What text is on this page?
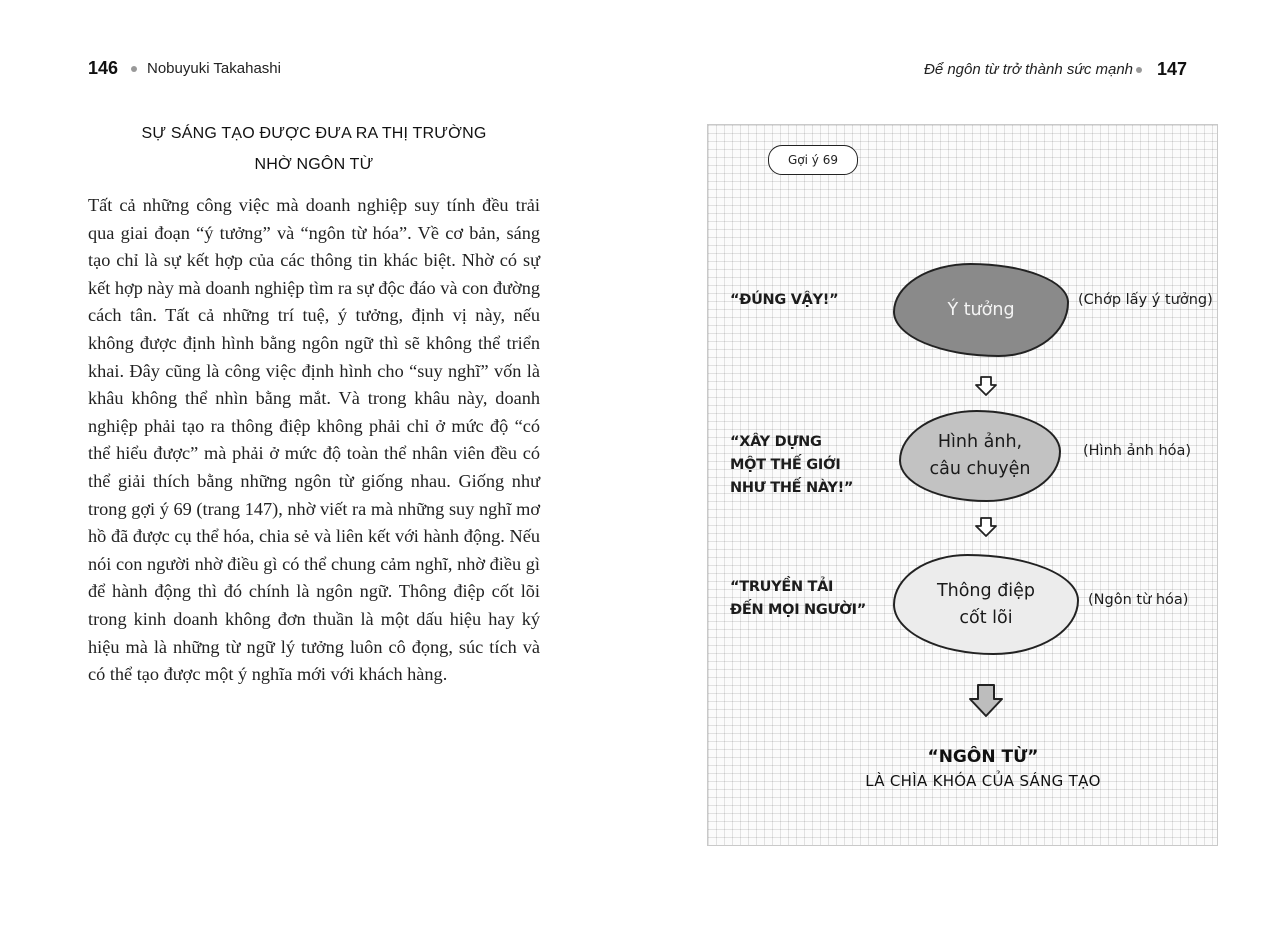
146 Nobuyuki Takahashi	Để ngôn từ trở thành sức mạnh 147
SỰ SÁNG TẠO ĐƯỢC ĐƯA RA THỊ TRƯỜNG
NHỜ NGÔN TỪ
Tất cả những công việc mà doanh nghiệp suy tính đều trải qua giai đoạn “ý tưởng” và “ngôn từ hóa”. Về cơ bản, sáng tạo chỉ là sự kết hợp của các thông tin khác biệt. Nhờ có sự kết hợp này mà doanh nghiệp tìm ra sự độc đáo và con đường cách tân. Tất cả những trí tuệ, ý tưởng, định vị này, nếu không được định hình bằng ngôn ngữ thì sẽ không thể triển khai. Đây cũng là công việc định hình cho “suy nghĩ” vốn là khâu không thể nhìn bằng mắt. Và trong khâu này, doanh nghiệp phải tạo ra thông điệp không phải chỉ ở mức độ “có thể hiểu được” mà phải ở mức độ toàn thể nhân viên đều có thể giải thích bằng những ngôn từ giống nhau. Giống như trong gợi ý 69 (trang 147), nhờ viết ra mà những suy nghĩ mơ hồ đã được cụ thể hóa, chia sẻ và liên kết với hành động. Nếu nói con người nhờ điều gì có thể chung cảm nghĩ, nhờ điều gì để hành động thì đó chính là ngôn ngữ. Thông điệp cốt lõi trong kinh doanh không đơn thuần là một dấu hiệu hay ký hiệu mà là những từ ngữ lý tưởng luôn cô đọng, súc tích và có thể tạo được một ý nghĩa mới với khách hàng.
Gợi ý 69
“ĐÚNG VẬY!”	Ý tưởng	(Chớp lấy ý tưởng)
“XÂY DỰNG
MỘT THẾ GIỚI
NHƯ THẾ NÀY!”
Hình ảnh,
câu chuyện
(Hình ảnh hóa)
“TRUYỀN TẢI
ĐẾN MỌI NGƯỜI”
Thông điệp
cốt lõi
(Ngôn từ hóa)
“NGÔN TỪ”
LÀ CHÌA KHÓA CỦA SÁNG TẠO
